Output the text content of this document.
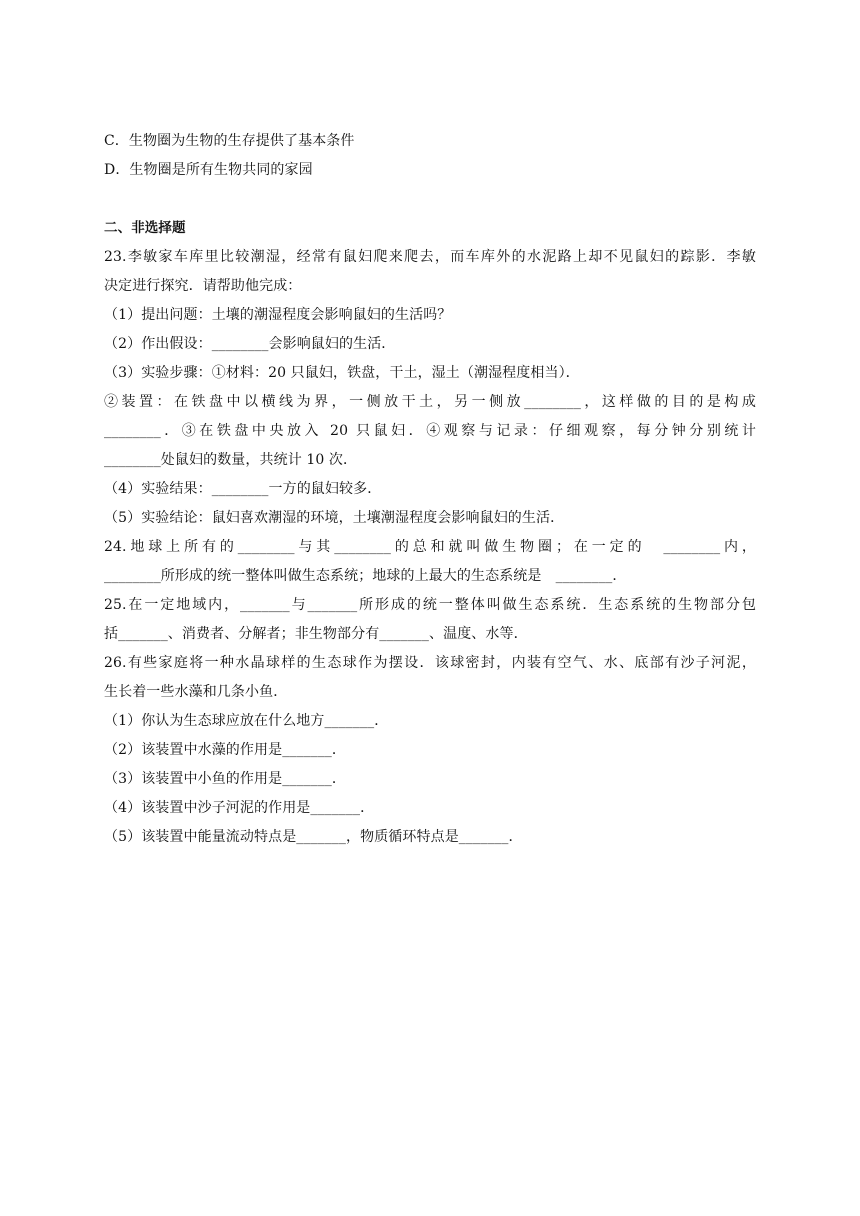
C．生物圈为生物的生存提供了基本条件
D．生物圈是所有生物共同的家园
二、非选择题
23.李敏家车库里比较潮湿，经常有鼠妇爬来爬去，而车库外的水泥路上却不见鼠妇的踪影．李敏
决定进行探究．请帮助他完成：
（1）提出问题：土壤的潮湿程度会影响鼠妇的生活吗？
（2）作出假设：________会影响鼠妇的生活．
（3）实验步骤：①材料：20 只鼠妇，铁盘，干土，湿土（潮湿程度相当）．
②装置：在铁盘中以横线为界，一侧放干土，另一侧放________，这样做的目的是构成
________．③在铁盘中央放入 20 只鼠妇．④观察与记录：仔细观察，每分钟分别统计
________处鼠妇的数量，共统计 10 次．
（4）实验结果：________一方的鼠妇较多．
（5）实验结论：鼠妇喜欢潮湿的环境，土壤潮湿程度会影响鼠妇的生活．
24.地球上所有的________与其________的总和就叫做生物圈；在一定的　________内，
________所形成的统一整体叫做生态系统；地球的上最大的生态系统是　________．
25.在一定地域内，_______与_______所形成的统一整体叫做生态系统．生态系统的生物部分包
括_______、消费者、分解者；非生物部分有_______、温度、水等．
26.有些家庭将一种水晶球样的生态球作为摆设．该球密封，内装有空气、水、底部有沙子河泥，
生长着一些水藻和几条小鱼．
（1）你认为生态球应放在什么地方_______．
（2）该装置中水藻的作用是_______．
（3）该装置中小鱼的作用是_______．
（4）该装置中沙子河泥的作用是_______．
（5）该装置中能量流动特点是_______，物质循环特点是_______．
